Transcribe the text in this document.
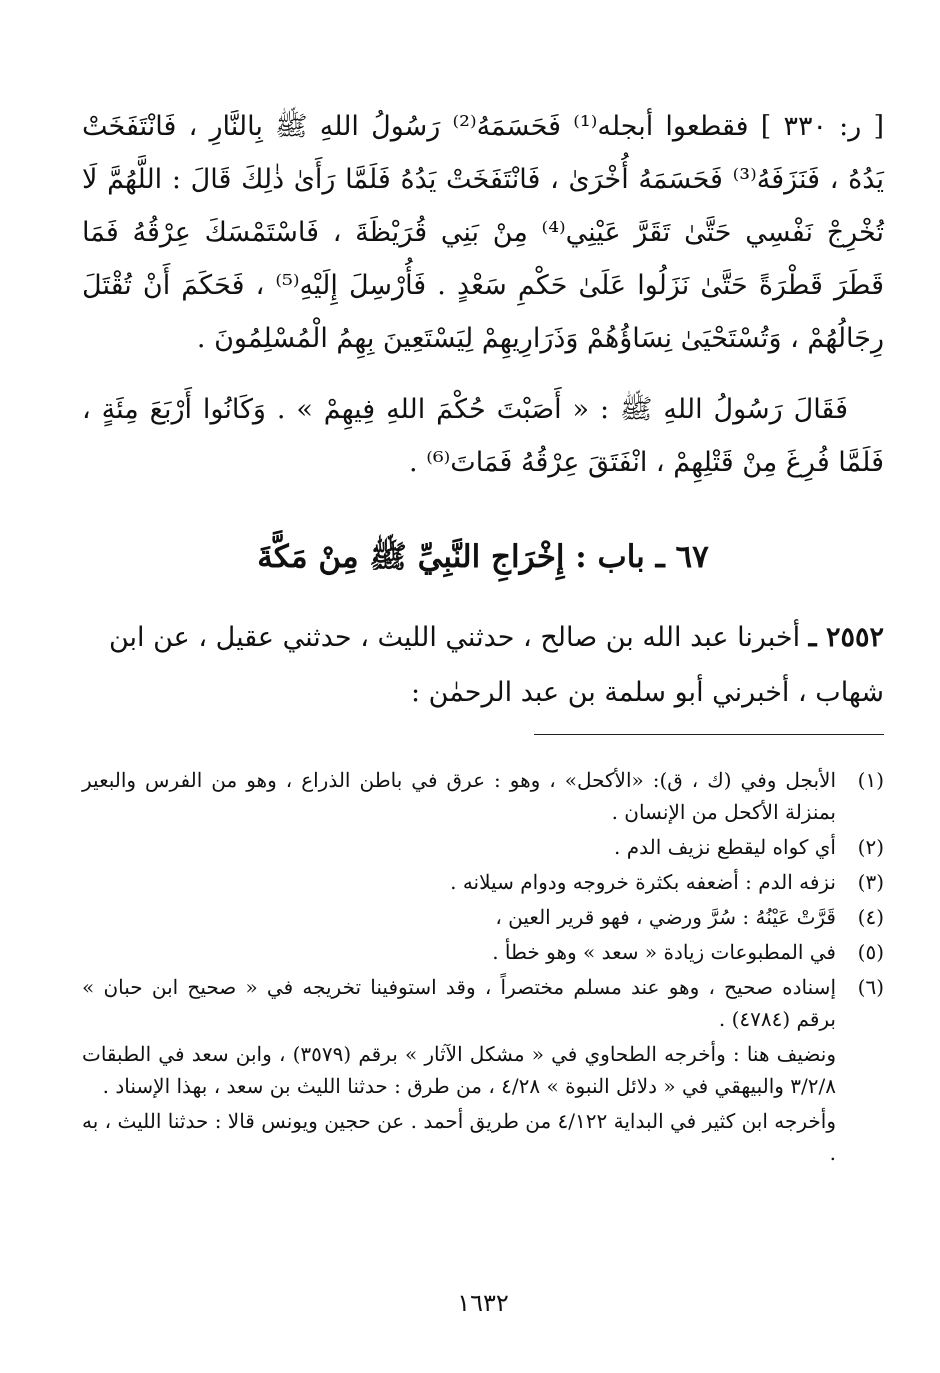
[ ر: ٣٣٠ ] فقطعوا أبجله⁽¹⁾ فَحَسَمَهُ⁽²⁾ رَسُولُ اللهِ ﷺ بِالنَّارِ ، فَانْتَفَخَتْ يَدُهُ ، فَنَزَفَهُ⁽³⁾ فَحَسَمَهُ أُخْرَىٰ ، فَانْتَفَخَتْ يَدُهُ فَلَمَّا رَأَىٰ ذٰلِكَ قَالَ : اللَّهُمَّ لَا تُخْرِجْ نَفْسِي حَتَّىٰ تَقَرَّ عَيْنِي⁽⁴⁾ مِنْ بَنِي قُرَيْظَةَ ، فَاسْتَمْسَكَ عِرْقُهُ فَمَا قَطَرَ قَطْرَةً حَتَّىٰ نَزَلُوا عَلَىٰ حَكْمِ سَعْدٍ . فَأُرْسِلَ إِلَيْهِ⁽⁵⁾ ، فَحَكَمَ أَنْ تُقْتَلَ رِجَالُهُمْ ، وَتُسْتَحْيَىٰ نِسَاؤُهُمْ وَذَرَارِيهِمْ لِيَسْتَعِينَ بِهِمُ الْمُسْلِمُونَ .

فَقَالَ رَسُولُ اللهِ ﷺ : « أَصَبْتَ حُكْمَ اللهِ فِيهِمْ » . وَكَانُوا أَرْبَعَ مِئَةٍ ، فَلَمَّا فُرِغَ مِنْ قَتْلِهِمْ ، انْفَتَقَ عِرْقُهُ فَمَاتَ⁽⁶⁾ .

٦٧ ـ باب : إِخْرَاجِ النَّبِيِّ ﷺ مِنْ مَكَّةَ
٢٥٥٢ ـ أخبرنا عبد الله بن صالح ، حدثني الليث ، حدثني عقيل ، عن ابن شهاب ، أخبرني أبو سلمة بن عبد الرحمٰن :
(١)
الأبجل وفي (ك ، ق): «الأكحل» ، وهو : عرق في باطن الذراع ، وهو من الفرس والبعير بمنزلة الأكحل من الإنسان .
(٢)
أي كواه ليقطع نزيف الدم .
(٣)
نزفه الدم : أضعفه بكثرة خروجه ودوام سيلانه .
(٤)
قَرَّتْ عَيْنُهُ : سُرَّ ورضي ، فهو قرير العين ،
(٥)
في المطبوعات زيادة « سعد » وهو خطأ .
(٦)
إسناده صحيح ، وهو عند مسلم مختصراً ، وقد استوفينا تخريجه في « صحيح ابن حبان » برقم (٤٧٨٤) .
ونضيف هنا : وأخرجه الطحاوي في « مشكل الآثار » برقم (٣٥٧٩) ، وابن سعد في الطبقات ٣/٢/٨ والبيهقي في « دلائل النبوة » ٤/٢٨ ، من طرق : حدثنا الليث بن سعد ، بهذا الإسناد .
وأخرجه ابن كثير في البداية ٤/١٢٢ من طريق أحمد . عن حجين ويونس قالا : حدثنا الليث ، به .
١٦٣٢
